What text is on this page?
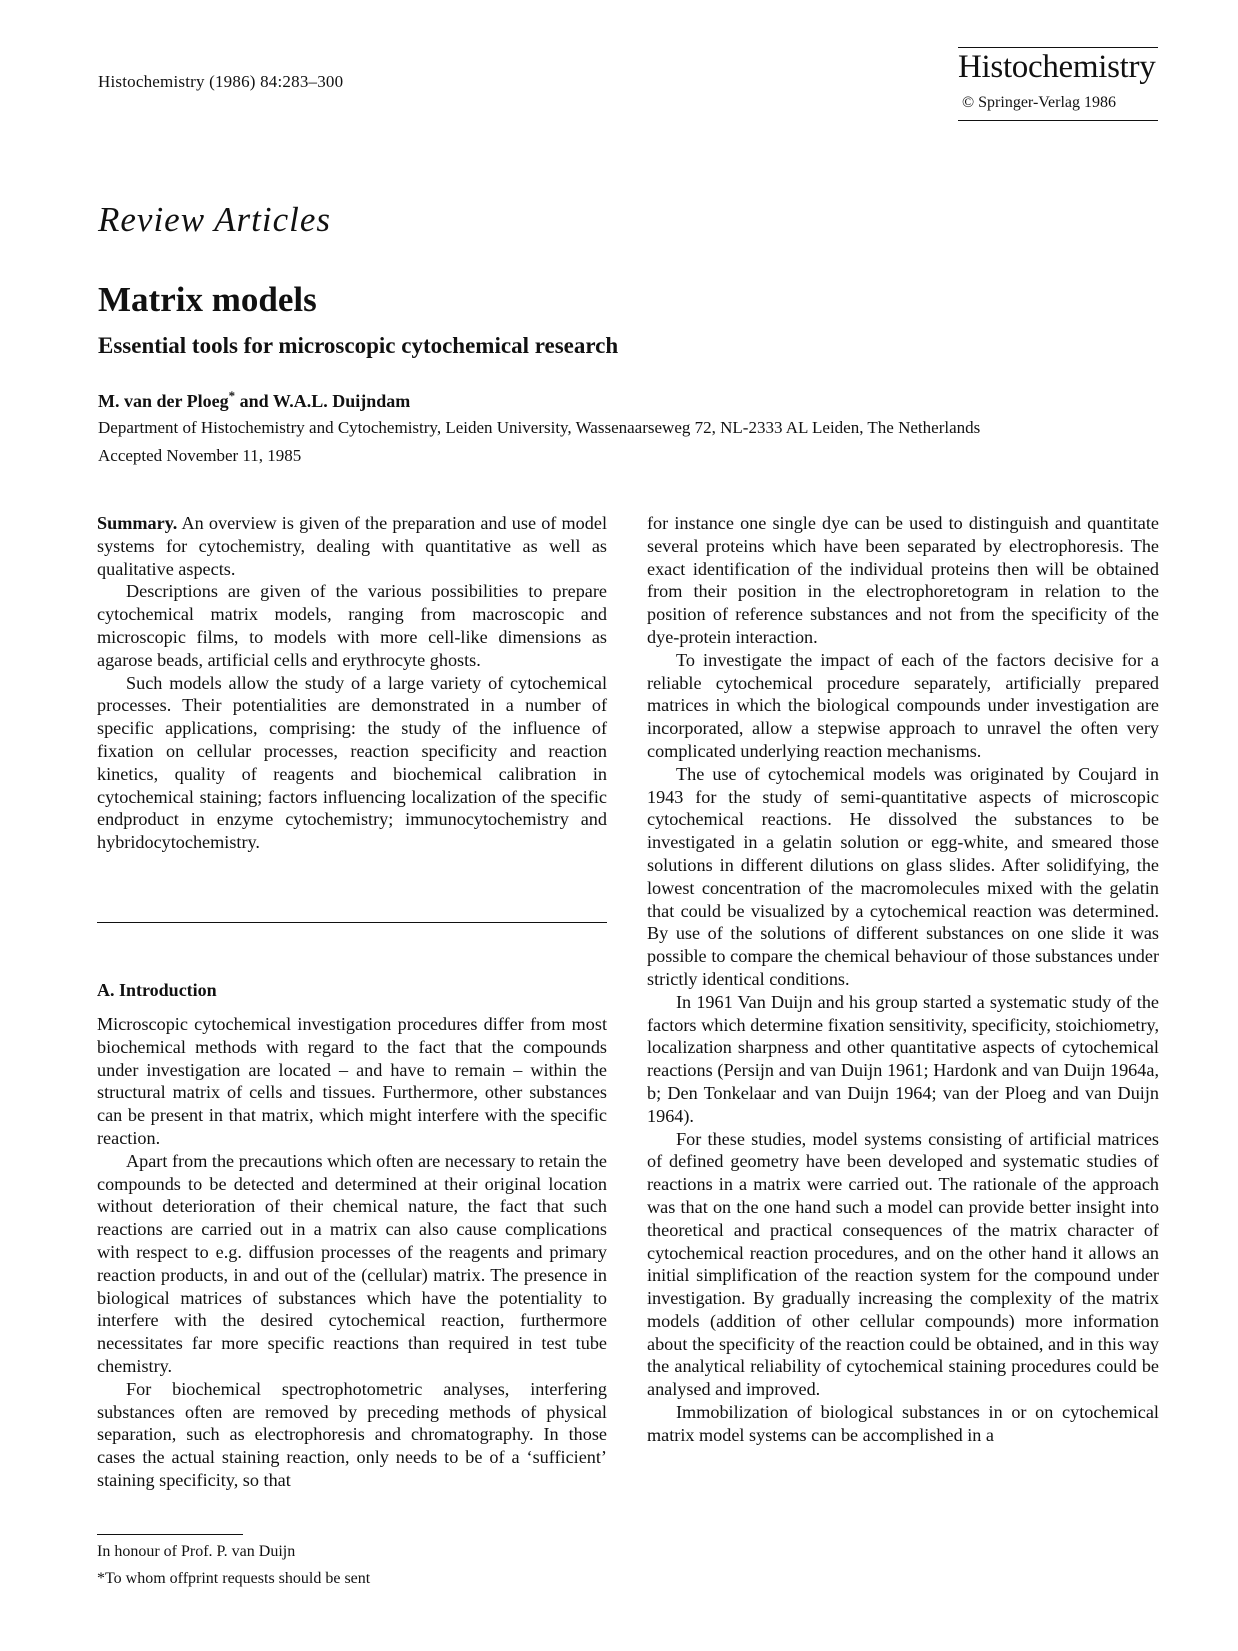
Histochemistry (1986) 84:283–300	Histochemistry
© Springer-Verlag 1986
Review Articles
Matrix models
Essential tools for microscopic cytochemical research
M. van der Ploeg* and W.A.L. Duijndam
Department of Histochemistry and Cytochemistry, Leiden University, Wassenaarseweg 72, NL-2333 AL Leiden, The Netherlands
Accepted November 11, 1985

Summary. An overview is given of the preparation and use of model systems for cytochemistry, dealing with quantitative as well as qualitative aspects.

Descriptions are given of the various possibilities to prepare cytochemical matrix models, ranging from macroscopic and microscopic films, to models with more cell-like dimensions as agarose beads, artificial cells and erythrocyte ghosts.

Such models allow the study of a large variety of cytochemical processes. Their potentialities are demonstrated in a number of specific applications, comprising: the study of the influence of fixation on cellular processes, reaction specificity and reaction kinetics, quality of reagents and biochemical calibration in cytochemical staining; factors influencing localization of the specific endproduct in enzyme cytochemistry; immunocytochemistry and hybridocytochemistry.

A. Introduction

Microscopic cytochemical investigation procedures differ from most biochemical methods with regard to the fact that the compounds under investigation are located – and have to remain – within the structural matrix of cells and tissues. Furthermore, other substances can be present in that matrix, which might interfere with the specific reaction.

Apart from the precautions which often are necessary to retain the compounds to be detected and determined at their original location without deterioration of their chemical nature, the fact that such reactions are carried out in a matrix can also cause complications with respect to e.g. diffusion processes of the reagents and primary reaction products, in and out of the (cellular) matrix. The presence in biological matrices of substances which have the potentiality to interfere with the desired cytochemical reaction, furthermore necessitates far more specific reactions than required in test tube chemistry.

For biochemical spectrophotometric analyses, interfering substances often are removed by preceding methods of physical separation, such as electrophoresis and chromatography. In those cases the actual staining reaction, only needs to be of a ‘sufficient’ staining specificity, so that

for instance one single dye can be used to distinguish and quantitate several proteins which have been separated by electrophoresis. The exact identification of the individual proteins then will be obtained from their position in the electrophoretogram in relation to the position of reference substances and not from the specificity of the dye-protein interaction.

To investigate the impact of each of the factors decisive for a reliable cytochemical procedure separately, artificially prepared matrices in which the biological compounds under investigation are incorporated, allow a stepwise approach to unravel the often very complicated underlying reaction mechanisms.

The use of cytochemical models was originated by Coujard in 1943 for the study of semi-quantitative aspects of microscopic cytochemical reactions. He dissolved the substances to be investigated in a gelatin solution or egg-white, and smeared those solutions in different dilutions on glass slides. After solidifying, the lowest concentration of the macromolecules mixed with the gelatin that could be visualized by a cytochemical reaction was determined. By use of the solutions of different substances on one slide it was possible to compare the chemical behaviour of those substances under strictly identical conditions.

In 1961 Van Duijn and his group started a systematic study of the factors which determine fixation sensitivity, specificity, stoichiometry, localization sharpness and other quantitative aspects of cytochemical reactions (Persijn and van Duijn 1961; Hardonk and van Duijn 1964a, b; Den Tonkelaar and van Duijn 1964; van der Ploeg and van Duijn 1964).

For these studies, model systems consisting of artificial matrices of defined geometry have been developed and systematic studies of reactions in a matrix were carried out. The rationale of the approach was that on the one hand such a model can provide better insight into theoretical and practical consequences of the matrix character of cytochemical reaction procedures, and on the other hand it allows an initial simplification of the reaction system for the compound under investigation. By gradually increasing the complexity of the matrix models (addition of other cellular compounds) more information about the specificity of the reaction could be obtained, and in this way the analytical reliability of cytochemical staining procedures could be analysed and improved.

Immobilization of biological substances in or on cytochemical matrix model systems can be accomplished in a

In honour of Prof. P. van Duijn
*To whom offprint requests should be sent
